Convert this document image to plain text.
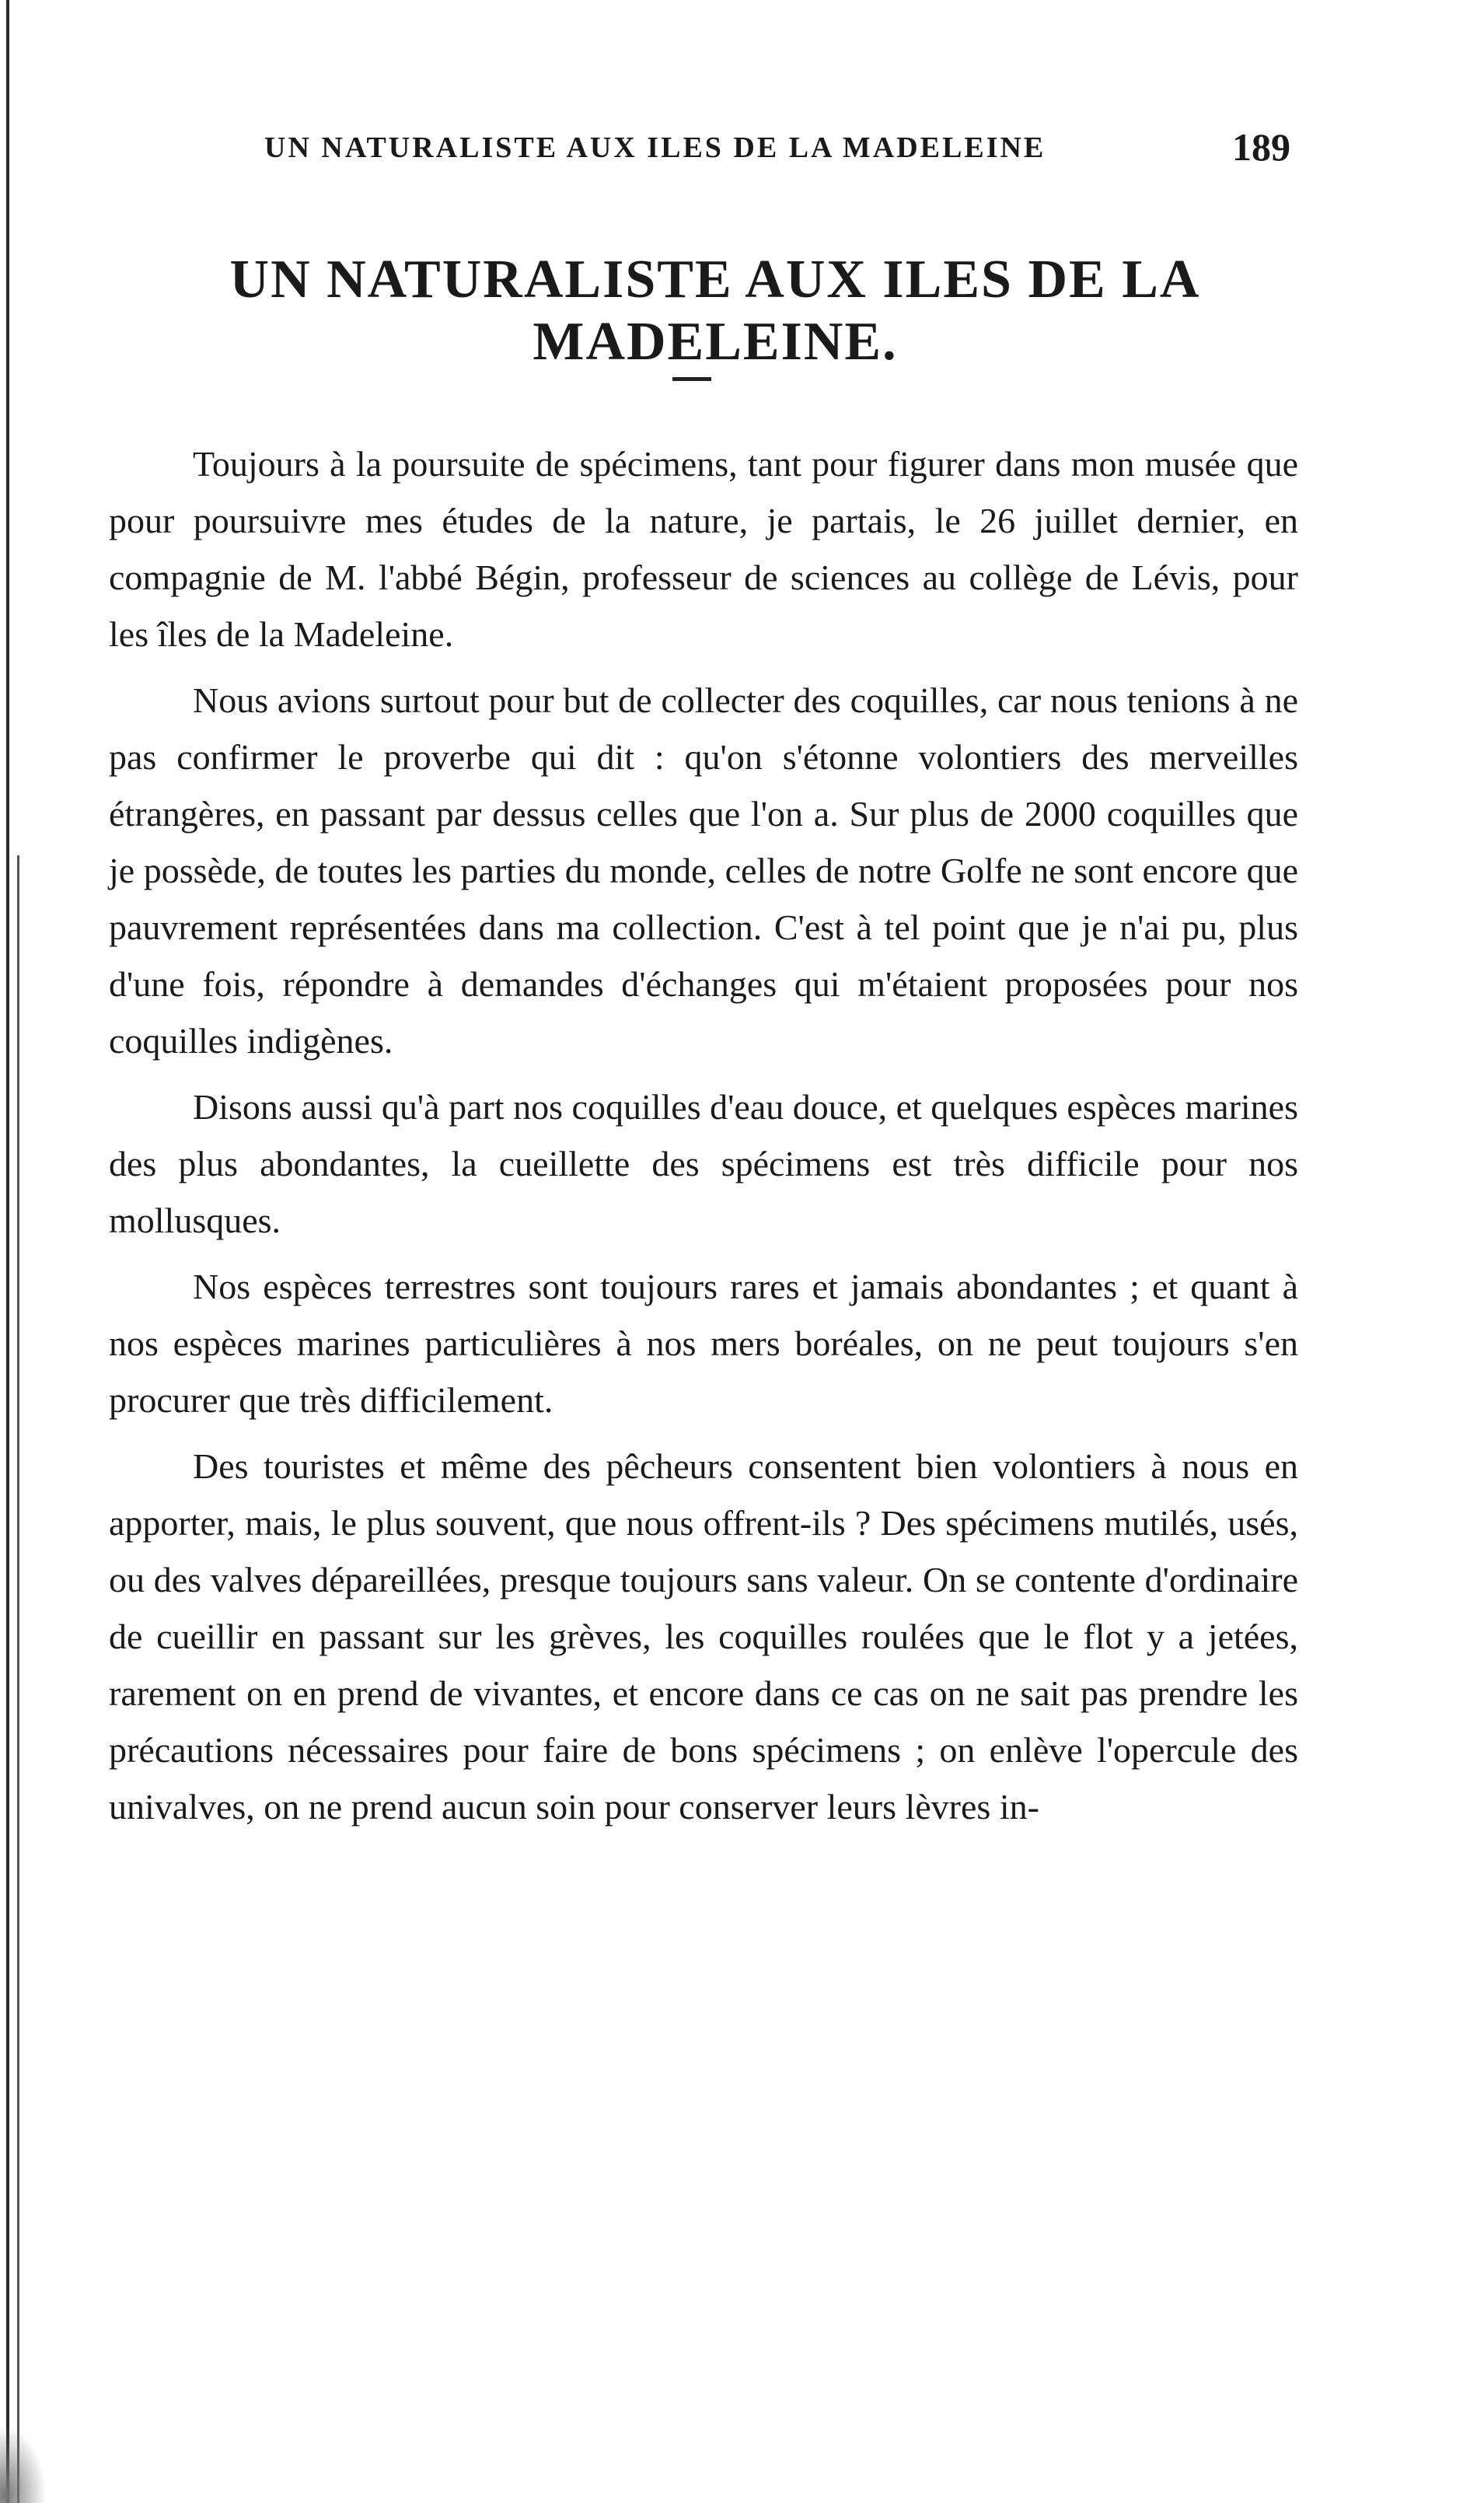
UN NATURALISTE AUX ILES DE LA MADELEINE	189
UN NATURALISTE AUX ILES DE LA MADELEINE.

Toujours à la poursuite de spécimens, tant pour figurer dans mon musée que pour poursuivre mes études de la nature, je partais, le 26 juillet dernier, en compagnie de M. l'abbé Bégin, professeur de sciences au collège de Lévis, pour les îles de la Madeleine.

Nous avions surtout pour but de collecter des coquilles, car nous tenions à ne pas confirmer le proverbe qui dit : qu'on s'étonne volontiers des merveilles étrangères, en passant par dessus celles que l'on a. Sur plus de 2000 coquilles que je possède, de toutes les parties du monde, celles de notre Golfe ne sont encore que pauvrement représentées dans ma collection. C'est à tel point que je n'ai pu, plus d'une fois, répondre à demandes d'échanges qui m'étaient proposées pour nos coquilles indigènes.

Disons aussi qu'à part nos coquilles d'eau douce, et quelques espèces marines des plus abondantes, la cueillette des spécimens est très difficile pour nos mollusques.

Nos espèces terrestres sont toujours rares et jamais abondantes ; et quant à nos espèces marines particulières à nos mers boréales, on ne peut toujours s'en procurer que très difficilement.

Des touristes et même des pêcheurs consentent bien volontiers à nous en apporter, mais, le plus souvent, que nous offrent-ils ? Des spécimens mutilés, usés, ou des valves dépareillées, presque toujours sans valeur. On se contente d'ordinaire de cueillir en passant sur les grèves, les coquilles roulées que le flot y a jetées, rarement on en prend de vivantes, et encore dans ce cas on ne sait pas prendre les précautions nécessaires pour faire de bons spécimens ; on enlève l'opercule des univalves, on ne prend aucun soin pour conserver leurs lèvres in-
